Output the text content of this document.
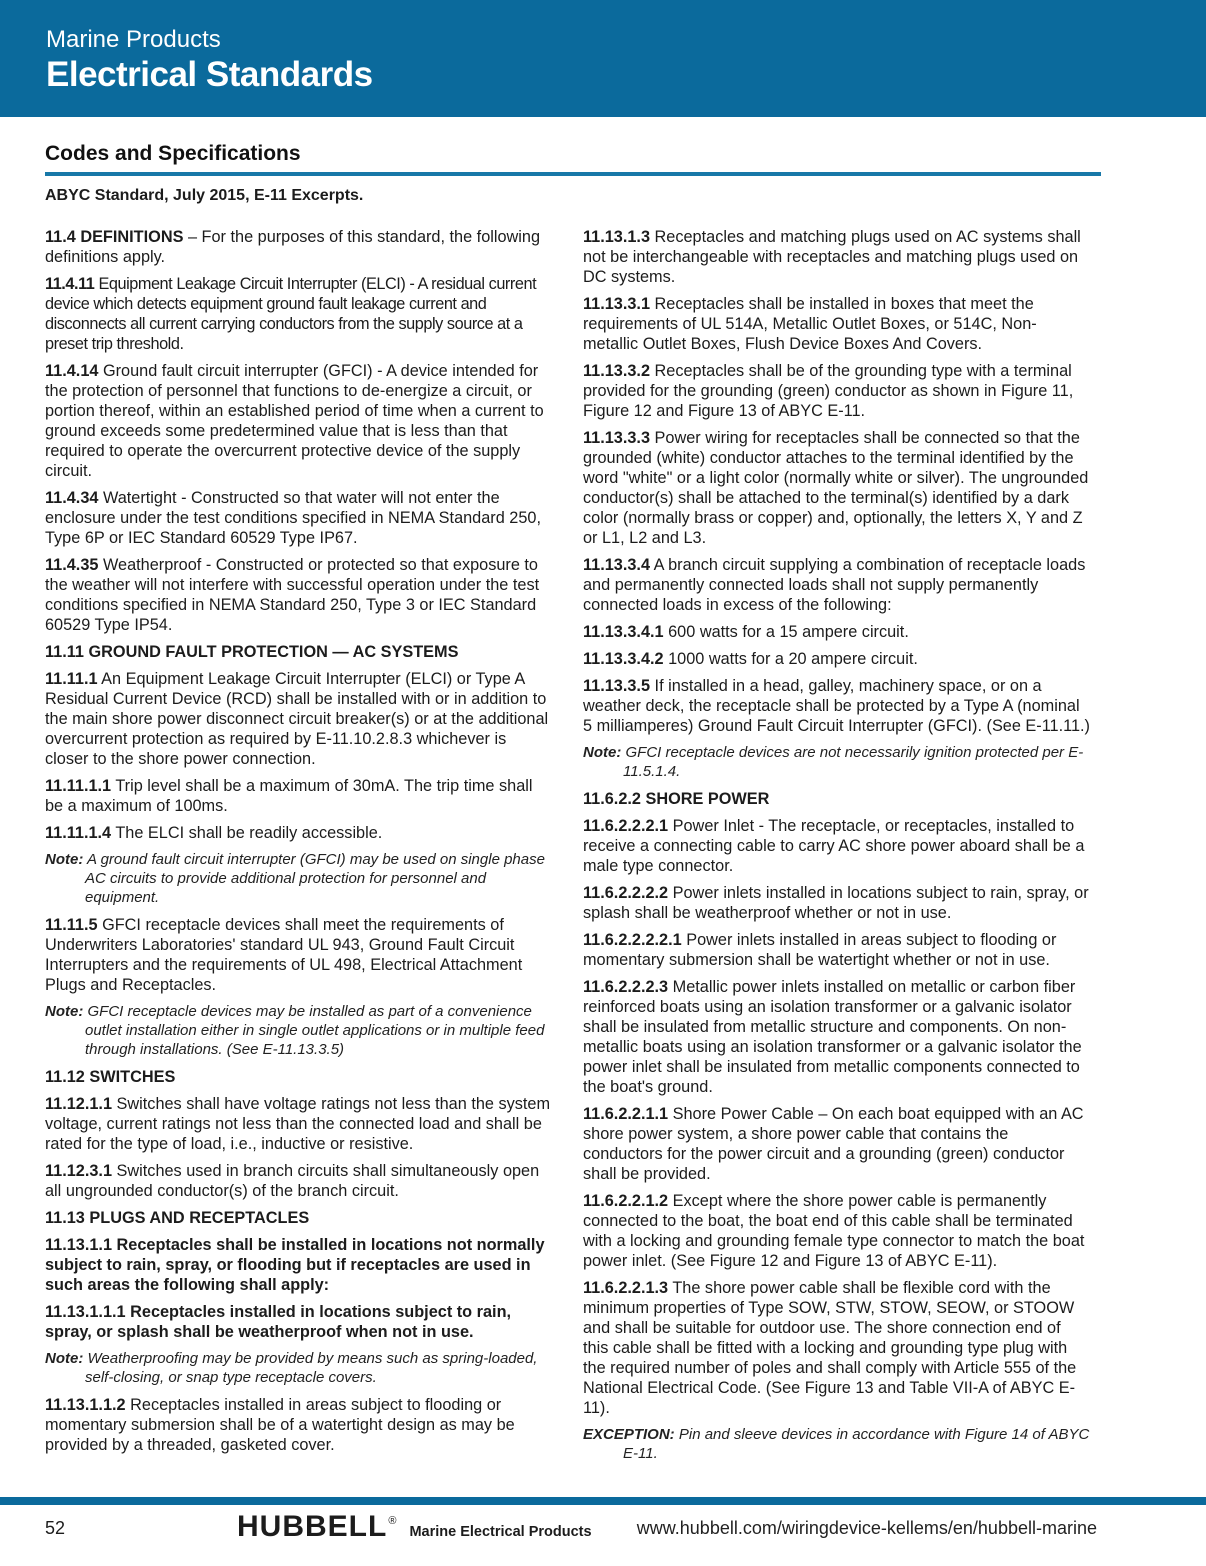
Marine Products
Electrical Standards
Codes and Specifications
ABYC Standard, July 2015, E-11 Excerpts.
11.4 DEFINITIONS – For the purposes of this standard, the following definitions apply.
11.4.11 Equipment Leakage Circuit Interrupter (ELCI) - A residual current device which detects equipment ground fault leakage current and disconnects all current carrying conductors from the supply source at a preset trip threshold.
11.4.14 Ground fault circuit interrupter (GFCI) - A device intended for the protection of personnel that functions to de-energize a circuit, or portion thereof, within an established period of time when a current to ground exceeds some predetermined value that is less than that required to operate the overcurrent protective device of the supply circuit.
11.4.34 Watertight - Constructed so that water will not enter the enclosure under the test conditions specified in NEMA Standard 250, Type 6P or IEC Standard 60529 Type IP67.
11.4.35 Weatherproof - Constructed or protected so that exposure to the weather will not interfere with successful operation under the test conditions specified in NEMA Standard 250, Type 3 or IEC Standard 60529 Type IP54.
11.11 GROUND FAULT PROTECTION — AC SYSTEMS
11.11.1 An Equipment Leakage Circuit Interrupter (ELCI) or Type A Residual Current Device (RCD) shall be installed with or in addition to the main shore power disconnect circuit breaker(s) or at the additional overcurrent protection as required by E-11.10.2.8.3 whichever is closer to the shore power connection.
11.11.1.1 Trip level shall be a maximum of 30mA. The trip time shall be a maximum of 100ms.
11.11.1.4 The ELCI shall be readily accessible.
Note: A ground fault circuit interrupter (GFCI) may be used on single phase AC circuits to provide additional protection for personnel and equipment.
11.11.5 GFCI receptacle devices shall meet the requirements of Underwriters Laboratories' standard UL 943, Ground Fault Circuit Interrupters and the requirements of UL 498, Electrical Attachment Plugs and Receptacles.
Note: GFCI receptacle devices may be installed as part of a convenience outlet installation either in single outlet applications or in multiple feed through installations. (See E-11.13.3.5)
11.12 SWITCHES
11.12.1.1 Switches shall have voltage ratings not less than the system voltage, current ratings not less than the connected load and shall be rated for the type of load, i.e., inductive or resistive.
11.12.3.1 Switches used in branch circuits shall simultaneously open all ungrounded conductor(s) of the branch circuit.
11.13 PLUGS AND RECEPTACLES
11.13.1.1 Receptacles shall be installed in locations not normally subject to rain, spray, or flooding but if receptacles are used in such areas the following shall apply:
11.13.1.1.1 Receptacles installed in locations subject to rain, spray, or splash shall be weatherproof when not in use.
Note: Weatherproofing may be provided by means such as spring-loaded, self-closing, or snap type receptacle covers.
11.13.1.1.2 Receptacles installed in areas subject to flooding or momentary submersion shall be of a watertight design as may be provided by a threaded, gasketed cover.
11.13.1.3 Receptacles and matching plugs used on AC systems shall not be interchangeable with receptacles and matching plugs used on DC systems.
11.13.3.1 Receptacles shall be installed in boxes that meet the requirements of UL 514A, Metallic Outlet Boxes, or 514C, Non-metallic Outlet Boxes, Flush Device Boxes And Covers.
11.13.3.2 Receptacles shall be of the grounding type with a terminal provided for the grounding (green) conductor as shown in Figure 11, Figure 12 and Figure 13 of ABYC E-11.
11.13.3.3 Power wiring for receptacles shall be connected so that the grounded (white) conductor attaches to the terminal identified by the word "white" or a light color (normally white or silver). The ungrounded conductor(s) shall be attached to the terminal(s) identified by a dark color (normally brass or copper) and, optionally, the letters X, Y and Z or L1, L2 and L3.
11.13.3.4 A branch circuit supplying a combination of receptacle loads and permanently connected loads shall not supply permanently connected loads in excess of the following:
11.13.3.4.1 600 watts for a 15 ampere circuit.
11.13.3.4.2 1000 watts for a 20 ampere circuit.
11.13.3.5 If installed in a head, galley, machinery space, or on a weather deck, the receptacle shall be protected by a Type A (nominal 5 milliamperes) Ground Fault Circuit Interrupter (GFCI). (See E-11.11.)
Note: GFCI receptacle devices are not necessarily ignition protected per E-11.5.1.4.
11.6.2.2 SHORE POWER
11.6.2.2.2.1 Power Inlet - The receptacle, or receptacles, installed to receive a connecting cable to carry AC shore power aboard shall be a male type connector.
11.6.2.2.2.2 Power inlets installed in locations subject to rain, spray, or splash shall be weatherproof whether or not in use.
11.6.2.2.2.2.1 Power inlets installed in areas subject to flooding or momentary submersion shall be watertight whether or not in use.
11.6.2.2.2.3 Metallic power inlets installed on metallic or carbon fiber reinforced boats using an isolation transformer or a galvanic isolator shall be insulated from metallic structure and components. On non-metallic boats using an isolation transformer or a galvanic isolator the power inlet shall be insulated from metallic components connected to the boat's ground.
11.6.2.2.1.1 Shore Power Cable – On each boat equipped with an AC shore power system, a shore power cable that contains the conductors for the power circuit and a grounding (green) conductor shall be provided.
11.6.2.2.1.2 Except where the shore power cable is permanently connected to the boat, the boat end of this cable shall be terminated with a locking and grounding female type connector to match the boat power inlet. (See Figure 12 and Figure 13 of ABYC E-11).
11.6.2.2.1.3 The shore power cable shall be flexible cord with the minimum properties of Type SOW, STW, STOW, SEOW, or STOOW and shall be suitable for outdoor use. The shore connection end of this cable shall be fitted with a locking and grounding type plug with the required number of poles and shall comply with Article 555 of the National Electrical Code. (See Figure 13 and Table VII-A of ABYC E-11).
EXCEPTION: Pin and sleeve devices in accordance with Figure 14 of ABYC E-11.
52	HUBBELL ®
Marine Electrical Products	www.hubbell.com/wiringdevice-kellems/en/hubbell-marine
